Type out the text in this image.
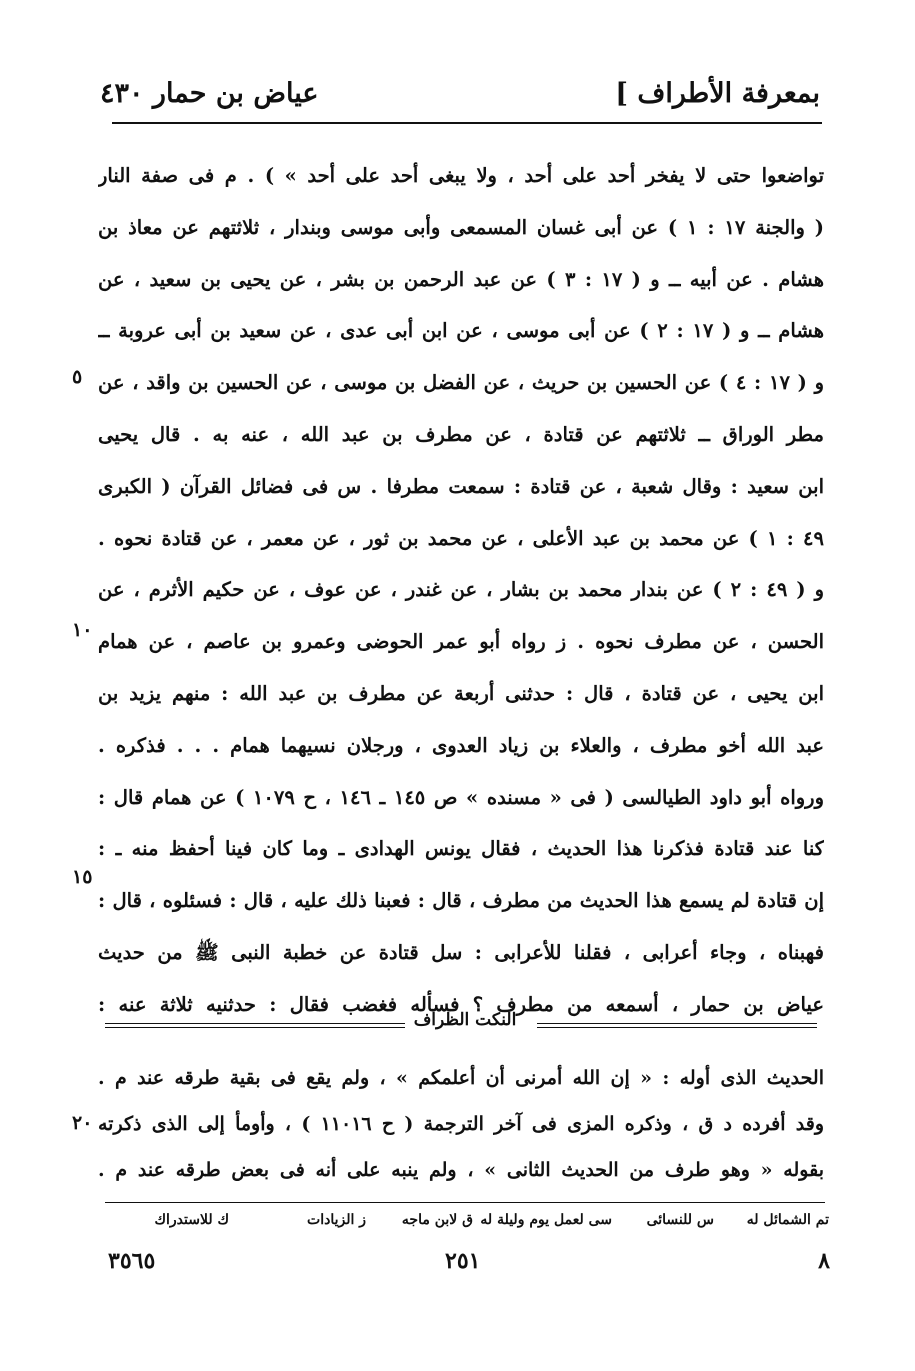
بمعرفة الأطراف ]
عياض بن حمار ٤٣٠
تواضعوا حتى لا يفخر أحد على أحد ، ولا يبغى أحد على أحد » ) . م فى صفة النار
( والجنة ١٧ : ١ ) عن أبى غسان المسمعى وأبى موسى وبندار ، ثلاثتهم عن معاذ بن
هشام . عن أبيه ــ و ( ١٧ : ٣ ) عن عبد الرحمن بن بشر ، عن يحيى بن سعيد ، عن
هشام ــ و ( ١٧ : ٢ ) عن أبى موسى ، عن ابن أبى عدى ، عن سعيد بن أبى عروبة ــ
و ( ١٧ : ٤ ) عن الحسين بن حريث ، عن الفضل بن موسى ، عن الحسين بن واقد ، عن
مطر الوراق ــ ثلاثتهم عن قتادة ، عن مطرف بن عبد الله ، عنه به . قال يحيى
ابن سعيد : وقال شعبة ، عن قتادة : سمعت مطرفا . س فى فضائل القرآن ( الكبرى
٤٩ : ١ ) عن محمد بن عبد الأعلى ، عن محمد بن ثور ، عن معمر ، عن قتادة نحوه .
و ( ٤٩ : ٢ ) عن بندار محمد بن بشار ، عن غندر ، عن عوف ، عن حكيم الأثرم ، عن
الحسن ، عن مطرف نحوه . ز رواه أبو عمر الحوضى وعمرو بن عاصم ، عن همام
ابن يحيى ، عن قتادة ، قال : حدثنى أربعة عن مطرف بن عبد الله : منهم يزيد بن
عبد الله أخو مطرف ، والعلاء بن زياد العدوى ، ورجلان نسيهما همام . . . فذكره .
ورواه أبو داود الطيالسى ( فى « مسنده » ص ١٤٥ ـ ١٤٦ ، ح ١٠٧٩ ) عن همام قال :
كنا عند قتادة فذكرنا هذا الحديث ، فقال يونس الهدادى ـ وما كان فينا أحفظ منه ـ :
إن قتادة لم يسمع هذا الحديث من مطرف ، قال : فعبنا ذلك عليه ، قال : فسئلوه ، قال :
فهبناه ، وجاء أعرابى ، فقلنا للأعرابى : سل قتادة عن خطبة النبى ﷺ من حديث
عياض بن حمار ، أسمعه من مطرف ؟ فسأله فغضب فقال : حدثنيه ثلاثة عنه :
٥
١٠
١٥
٢٠
النكت الظراف
الحديث الذى أوله : « إن الله أمرنى أن أعلمكم » ، ولم يقع فى بقية طرقه عند م .
وقد أفرده د ق ، وذكره المزى فى آخر الترجمة ( ح ١١٠١٦ ) ، وأومأ إلى الذى ذكرته
بقوله « وهو طرف من الحديث الثانى » ، ولم ينبه على أنه فى بعض طرقه عند م .
تم الشمائل له
س للنسائى
سى لعمل يوم وليلة له
ق لابن ماجه
ز الزيادات
ك للاستدراك
٨
٢٥١
٣٥٦٥
